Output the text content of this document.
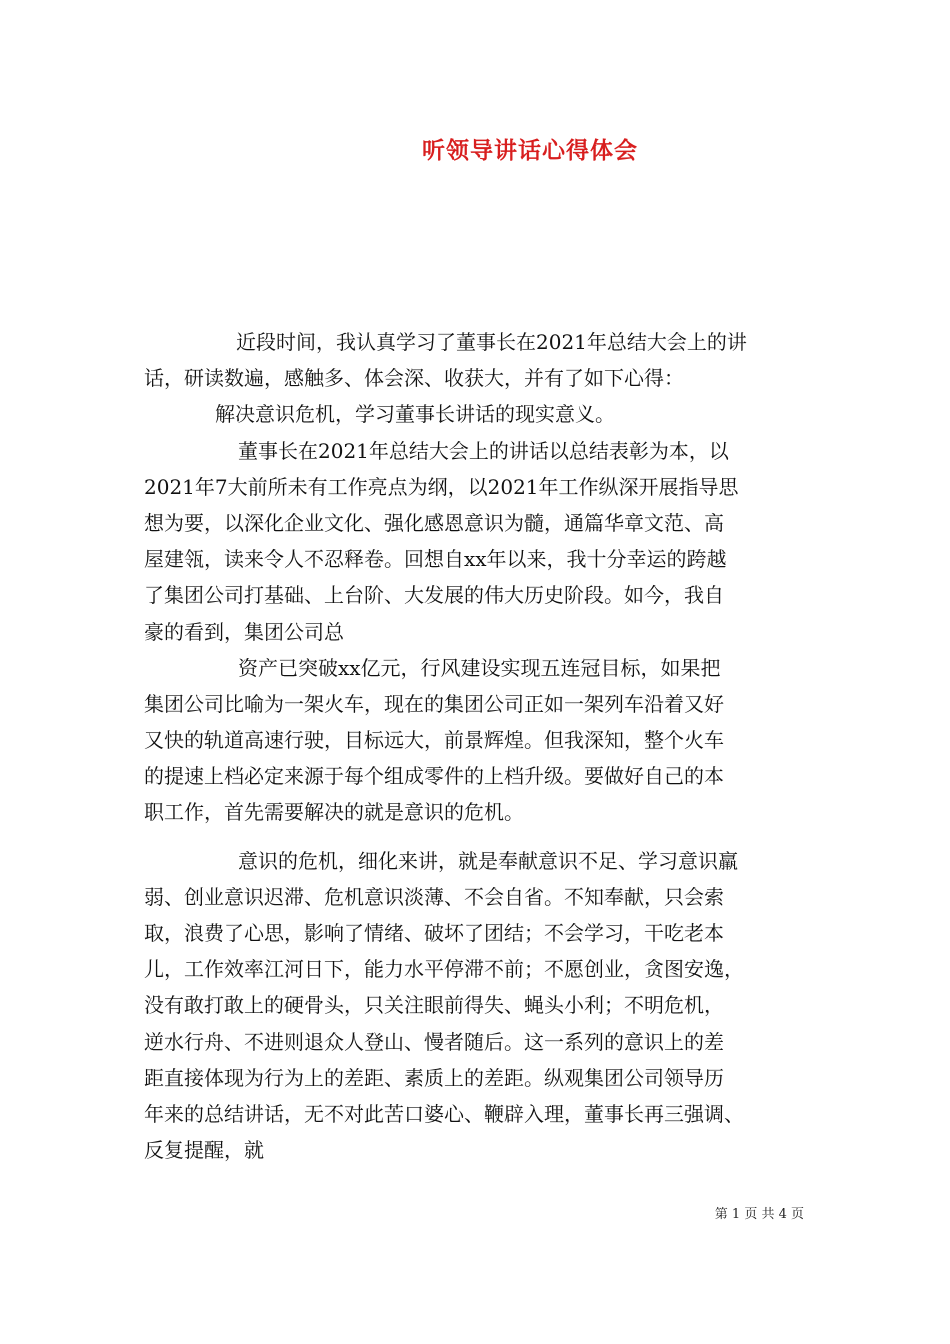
听领导讲话心得体会
近段时间，我认真学习了董事长在2021年总结大会上的讲
话，研读数遍，感触多、体会深、收获大，并有了如下心得：
解决意识危机，学习董事长讲话的现实意义。
董事长在2021年总结大会上的讲话以总结表彰为本，以
2021年7大前所未有工作亮点为纲，以2021年工作纵深开展指导思
想为要，以深化企业文化、强化感恩意识为髓，通篇华章文范、高
屋建瓴，读来令人不忍释卷。回想自xx年以来，我十分幸运的跨越
了集团公司打基础、上台阶、大发展的伟大历史阶段。如今，我自
豪的看到，集团公司总
资产已突破xx亿元，行风建设实现五连冠目标，如果把
集团公司比喻为一架火车，现在的集团公司正如一架列车沿着又好
又快的轨道高速行驶，目标远大，前景辉煌。但我深知，整个火车
的提速上档必定来源于每个组成零件的上档升级。要做好自己的本
职工作，首先需要解决的就是意识的危机。
意识的危机，细化来讲，就是奉献意识不足、学习意识羸
弱、创业意识迟滞、危机意识淡薄、不会自省。不知奉献，只会索
取，浪费了心思，影响了情绪、破坏了团结；不会学习，干吃老本
儿，工作效率江河日下，能力水平停滞不前；不愿创业，贪图安逸，
没有敢打敢上的硬骨头，只关注眼前得失、蝇头小利；不明危机，
逆水行舟、不进则退众人登山、慢者随后。这一系列的意识上的差
距直接体现为行为上的差距、素质上的差距。纵观集团公司领导历
年来的总结讲话，无不对此苦口婆心、鞭辟入理，董事长再三强调、
反复提醒，就
第 1 页 共 4 页
